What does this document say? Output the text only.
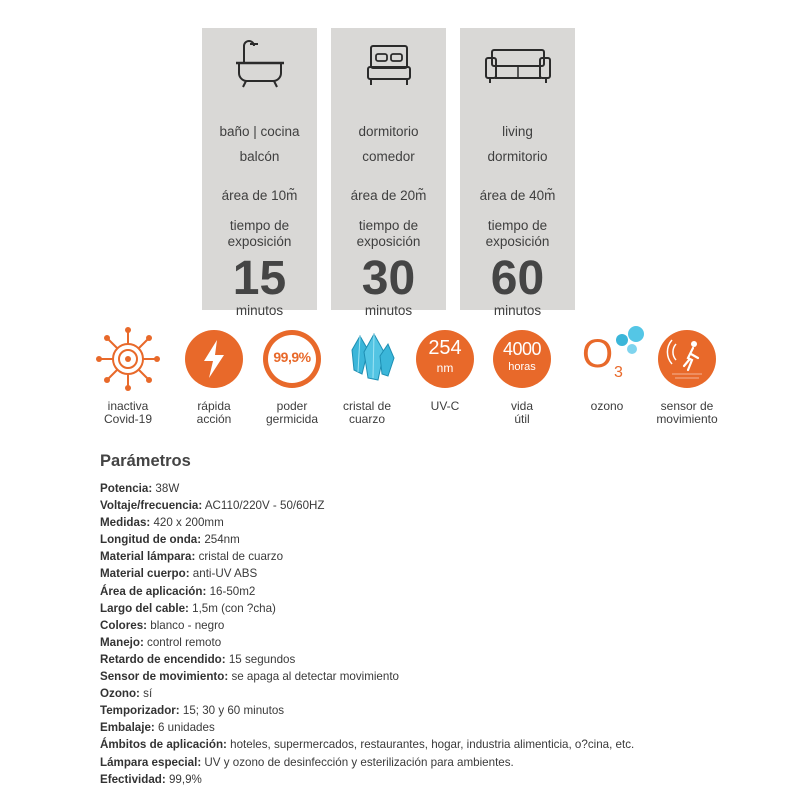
baño | cocina
balcón
área de 10m̃
tiempo de
exposición
15
minutos
dormitorio
comedor
área de 20m̃
tiempo de
exposición
30
minutos
living
dormitorio
área de 40m̃
tiempo de
exposición
60
minutos
inactiva
Covid-19
rápida
acción
99,9%
poder
germicida
cristal de
cuarzo
254
nm
UV-C
4000
horas
vida
útil
O 3
ozono	sensor de
movimiento
Parámetros
Potencia: 38W
Voltaje/frecuencia: AC110/220V - 50/60HZ
Medidas: 420 x 200mm
Longitud de onda: 254nm
Material lámpara: cristal de cuarzo
Material cuerpo: anti-UV ABS
Área de aplicación: 16-50m2
Largo del cable: 1,5m (con ?cha)
Colores: blanco - negro
Manejo: control remoto
Retardo de encendido: 15 segundos
Sensor de movimiento: se apaga al detectar movimiento
Ozono: sí
Temporizador: 15; 30 y 60 minutos
Embalaje: 6 unidades
Ámbitos de aplicación: hoteles, supermercados, restaurantes, hogar, industria alimenticia, o?cina, etc.
Lámpara especial: UV y ozono de desinfección y esterilización para ambientes.
Efectividad: 99,9%
